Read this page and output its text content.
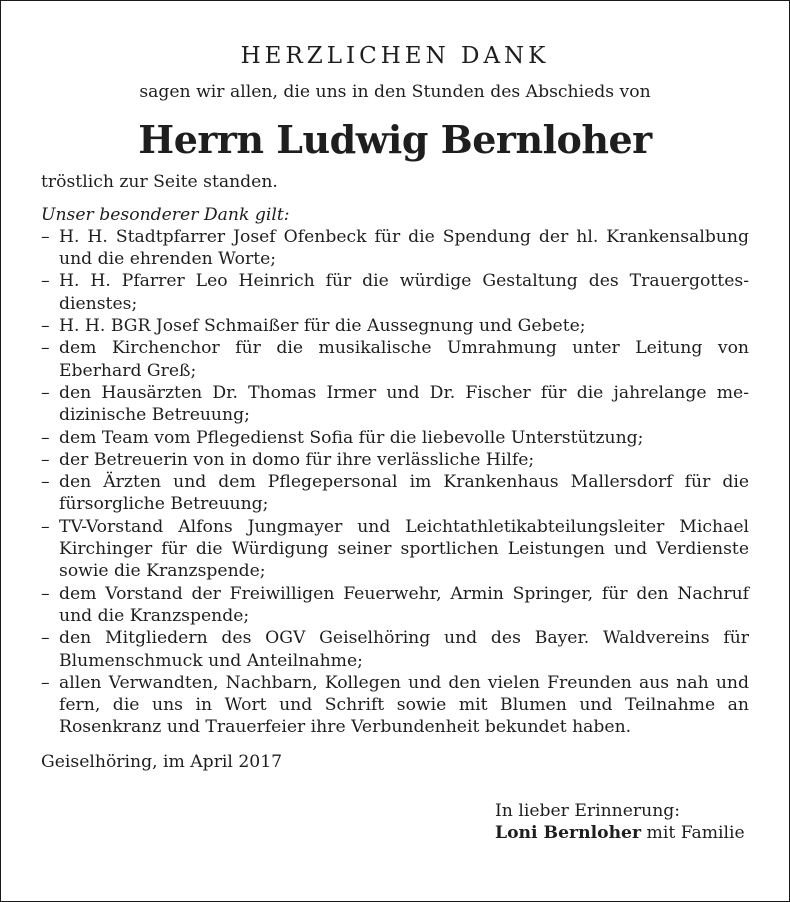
HERZLICHEN DANK

sagen wir allen, die uns in den Stunden des Abschieds von

Herrn Ludwig Bernloher

tröstlich zur Seite standen.

Unser besonderer Dank gilt:

– H. H. Stadtpfarrer Josef Ofenbeck für die Spendung der hl. Krankensalbung und die ehrenden Worte;
– H. H. Pfarrer Leo Heinrich für die würdige Gestaltung des Trauergottesdienstes;
– H. H. BGR Josef Schmaißer für die Aussegnung und Gebete;
– dem Kirchenchor für die musikalische Umrahmung unter Leitung von Eberhard Greß;
– den Hausärzten Dr. Thomas Irmer und Dr. Fischer für die jahrelange medizinische Betreuung;
– dem Team vom Pflegedienst Sofia für die liebevolle Unterstützung;
– der Betreuerin von in domo für ihre verlässliche Hilfe;
– den Ärzten und dem Pflegepersonal im Krankenhaus Mallersdorf für die fürsorgliche Betreuung;
– TV-Vorstand Alfons Jungmayer und Leichtathletikabteilungsleiter Michael Kirchinger für die Würdigung seiner sportlichen Leistungen und Verdienste sowie die Kranzspende;
– dem Vorstand der Freiwilligen Feuerwehr, Armin Springer, für den Nachruf und die Kranzspende;
– den Mitgliedern des OGV Geiselhöring und des Bayer. Waldvereins für Blumenschmuck und Anteilnahme;
– allen Verwandten, Nachbarn, Kollegen und den vielen Freunden aus nah und fern, die uns in Wort und Schrift sowie mit Blumen und Teilnahme an Rosenkranz und Trauerfeier ihre Verbundenheit bekundet haben.

Geiselhöring, im April 2017

In lieber Erinnerung:
Loni Bernloher mit Familie
